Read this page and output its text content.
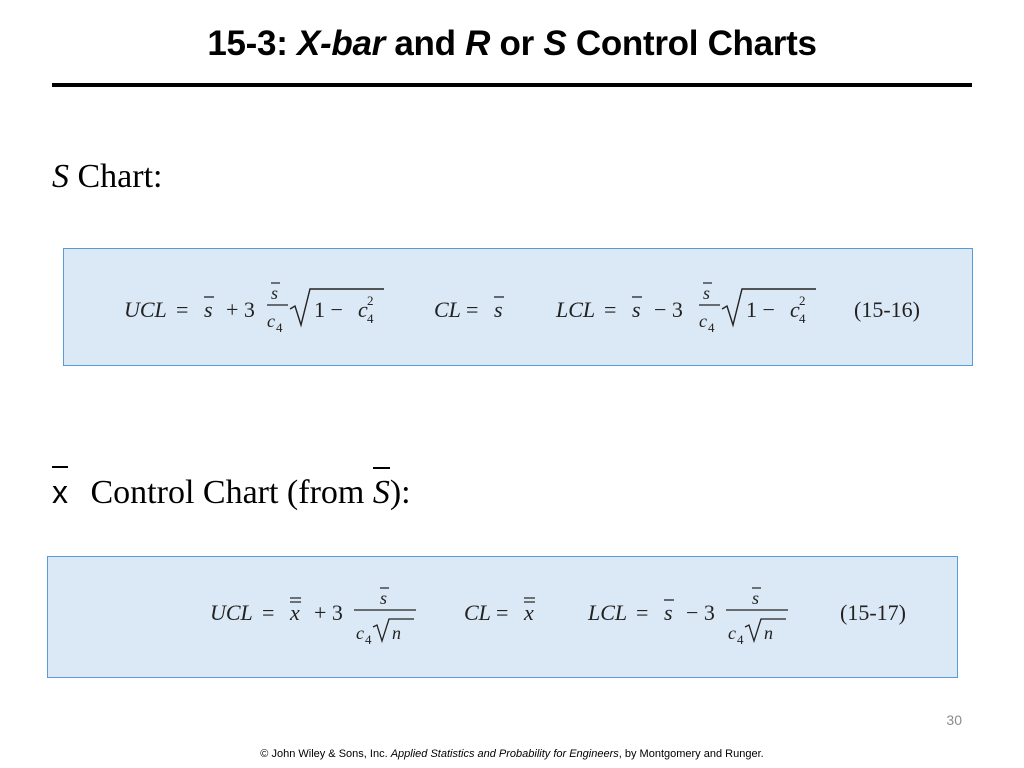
15-3: X-bar and R or S Control Charts
S Chart:
UCL = s + 3
s
c 4
1 − c 2
4	CL = s LCL = s − 3
s
c 4
1 − c 2
4 (15-16)
x Control Chart (from S):
UCL = x + 3
s
c 4 n
CL = x LCL = s − 3
s
c 4 n
(15-17)
30
© John Wiley & Sons, Inc. Applied Statistics and Probability for Engineers, by Montgomery and Runger.
